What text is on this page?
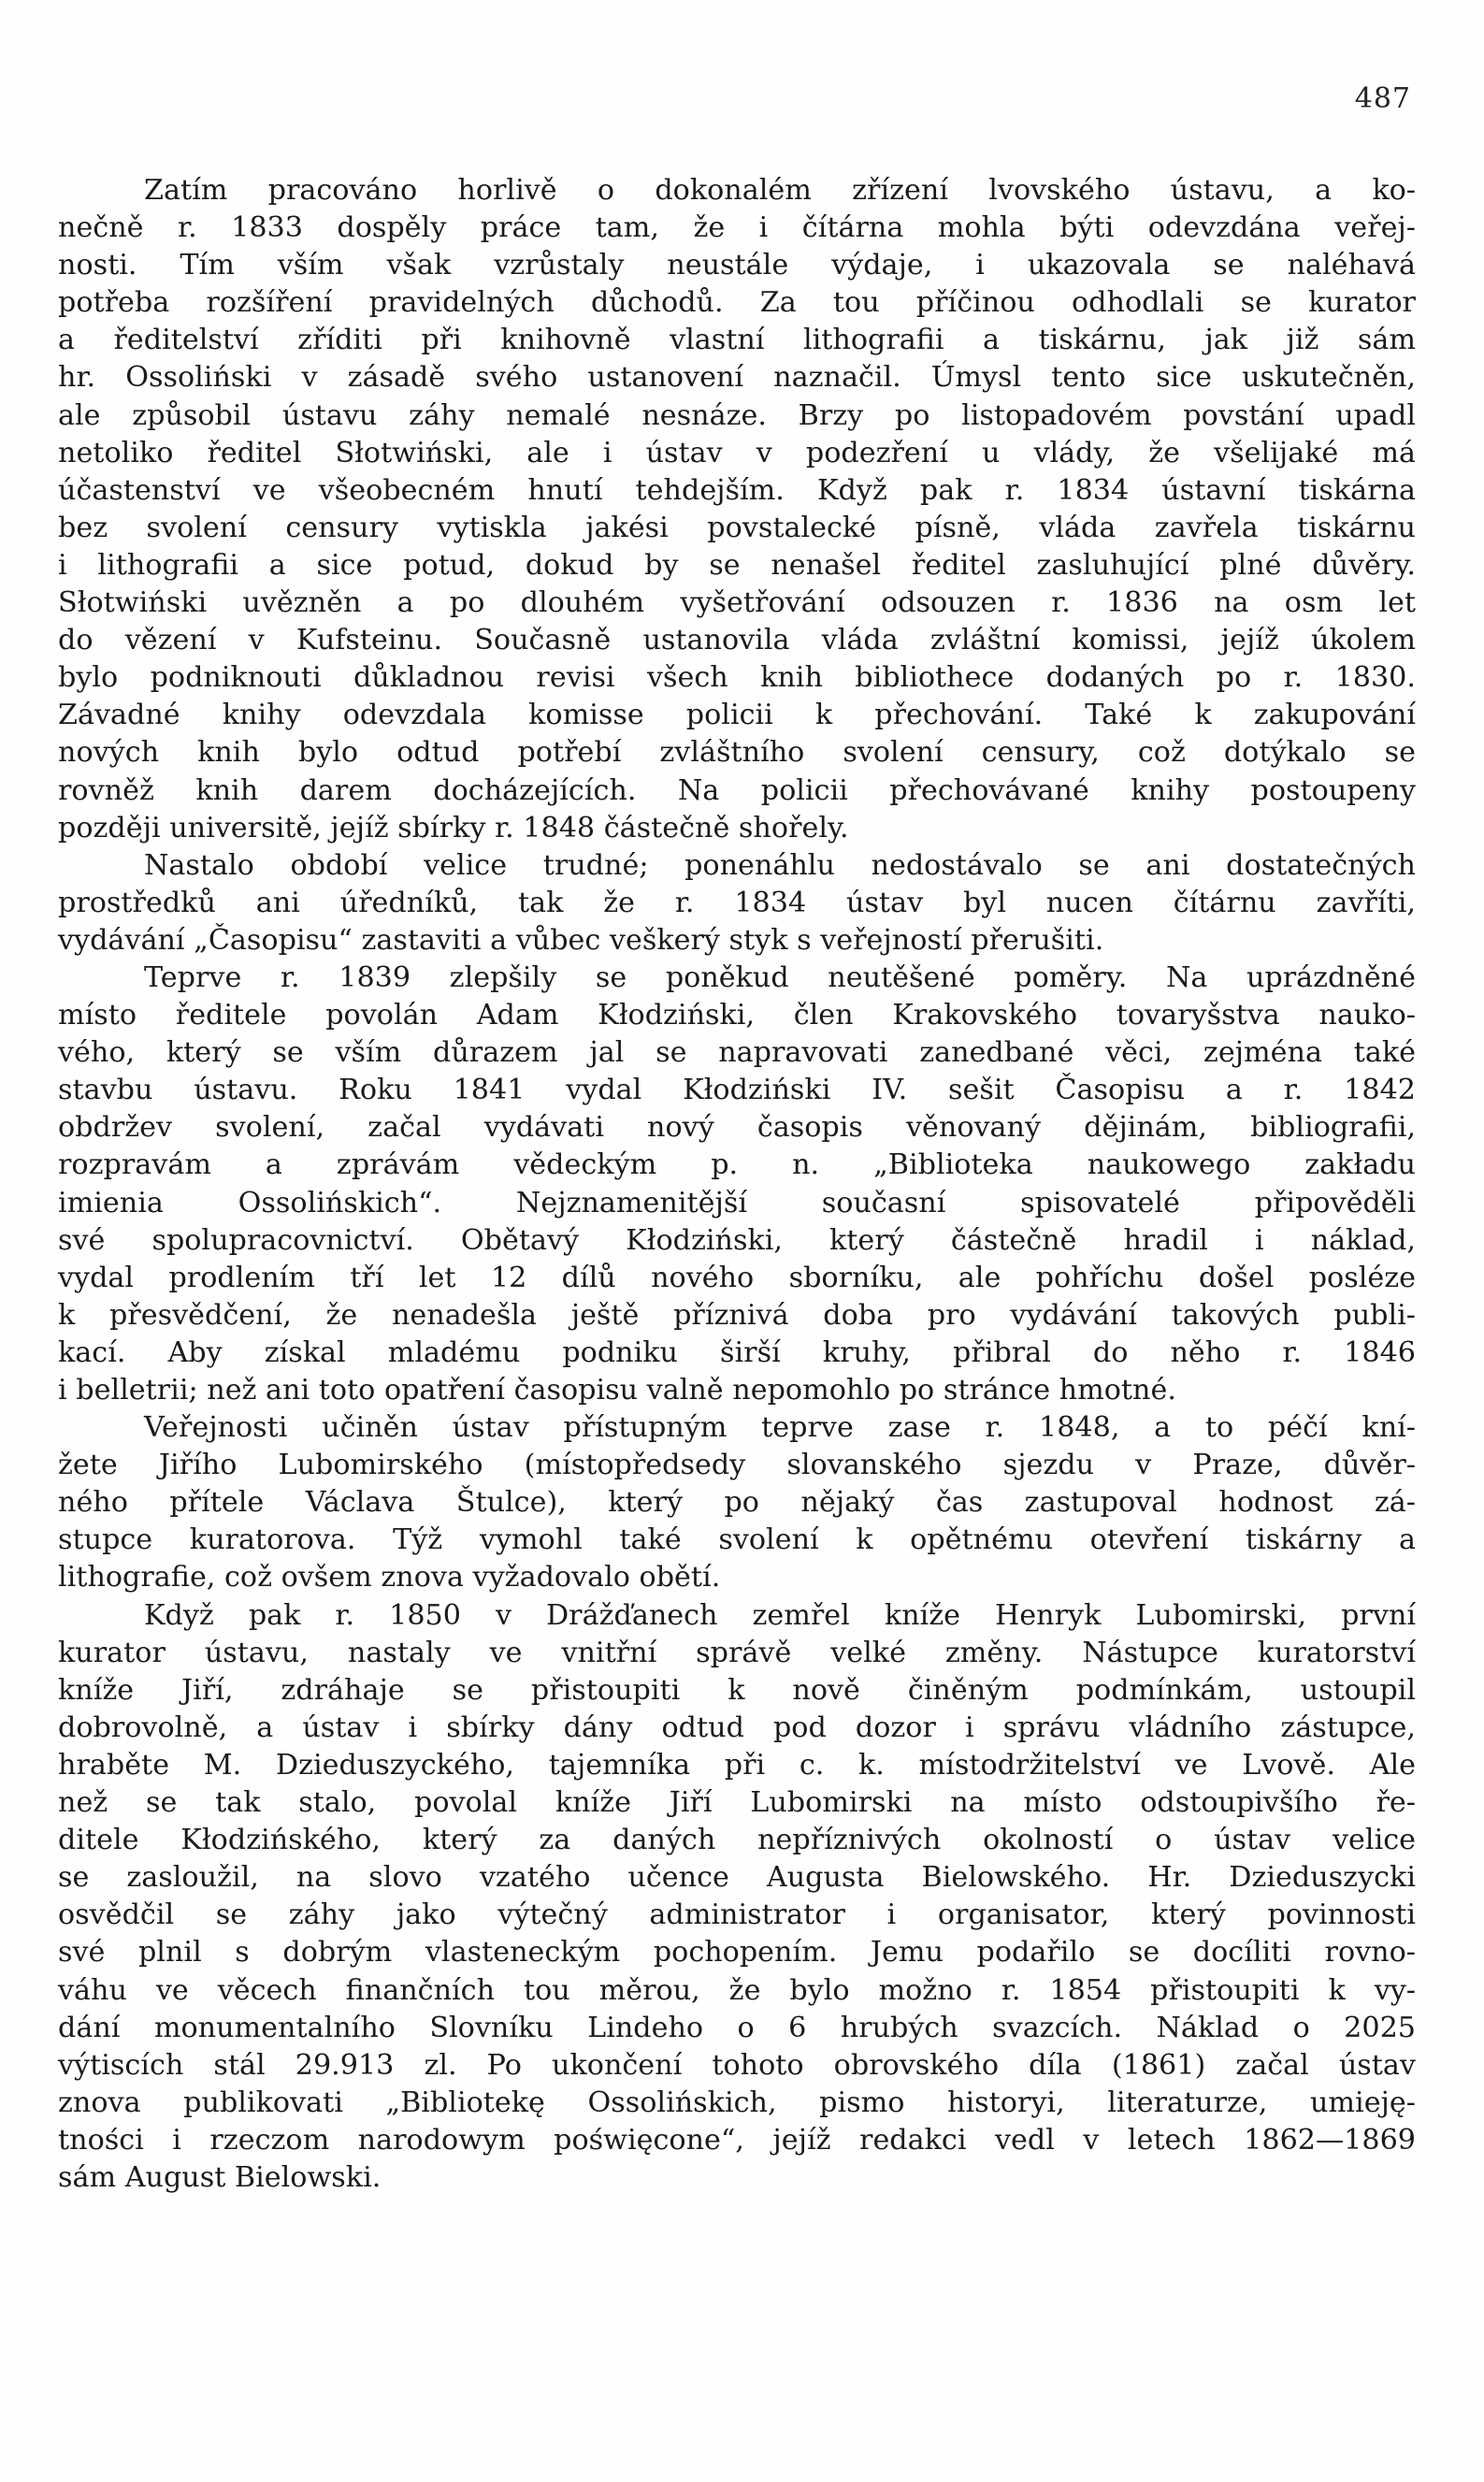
487
Zatím pracováno horlivě o dokonalém zřízení lvovského ústavu, a ko-
nečně r. 1833 dospěly práce tam, že i čítárna mohla býti odevzdána veřej-
nosti. Tím vším však vzrůstaly neustále výdaje, i ukazovala se naléhavá
potřeba rozšíření pravidelných důchodů. Za tou příčinou odhodlali se kurator
a ředitelství zříditi při knihovně vlastní lithografii a tiskárnu, jak již sám
hr. Ossoliński v zásadě svého ustanovení naznačil. Úmysl tento sice uskutečněn,
ale způsobil ústavu záhy nemalé nesnáze. Brzy po listopadovém povstání upadl
netoliko ředitel Słotwiński, ale i ústav v podezření u vlády, že všelijaké má
účastenství ve všeobecném hnutí tehdejším. Když pak r. 1834 ústavní tiskárna
bez svolení censury vytiskla jakési povstalecké písně, vláda zavřela tiskárnu
i lithografii a sice potud, dokud by se nenašel ředitel zasluhující plné důvěry.
Słotwiński uvězněn a po dlouhém vyšetřování odsouzen r. 1836 na osm let
do vězení v Kufsteinu. Současně ustanovila vláda zvláštní komissi, jejíž úkolem
bylo podniknouti důkladnou revisi všech knih bibliothece dodaných po r. 1830.
Závadné knihy odevzdala komisse policii k přechování. Také k zakupování
nových knih bylo odtud potřebí zvláštního svolení censury, což dotýkalo se
rovněž knih darem docházejících. Na policii přechovávané knihy postoupeny
později universitě, jejíž sbírky r. 1848 částečně shořely.
Nastalo období velice trudné; ponenáhlu nedostávalo se ani dostatečných
prostředků ani úředníků, tak že r. 1834 ústav byl nucen čítárnu zavříti,
vydávání „Časopisu“ zastaviti a vůbec veškerý styk s veřejností přerušiti.
Teprve r. 1839 zlepšily se poněkud neutěšené poměry. Na uprázdněné
místo ředitele povolán Adam Kłodziński, člen Krakovského tovaryšstva nauko-
vého, který se vším důrazem jal se napravovati zanedbané věci, zejména také
stavbu ústavu. Roku 1841 vydal Kłodziński IV. sešit Časopisu a r. 1842
obdržev svolení, začal vydávati nový časopis věnovaný dějinám, bibliografii,
rozpravám a zprávám vědeckým p. n. „Biblioteka naukowego zakładu
imienia Ossolińskich“. Nejznamenitější současní spisovatelé připověděli
své spolupracovnictví. Obětavý Kłodziński, který částečně hradil i náklad,
vydal prodlením tří let 12 dílů nového sborníku, ale pohříchu došel posléze
k přesvědčení, že nenadešla ještě příznivá doba pro vydávání takových publi-
kací. Aby získal mladému podniku širší kruhy, přibral do něho r. 1846
i belletrii; než ani toto opatření časopisu valně nepomohlo po stránce hmotné.
Veřejnosti učiněn ústav přístupným teprve zase r. 1848, a to péčí kní-
žete Jiřího Lubomirského (místopředsedy slovanského sjezdu v Praze, důvěr-
ného přítele Václava Štulce), který po nějaký čas zastupoval hodnost zá-
stupce kuratorova. Týž vymohl také svolení k opětnému otevření tiskárny a
lithografie, což ovšem znova vyžadovalo obětí.
Když pak r. 1850 v Drážďanech zemřel kníže Henryk Lubomirski, první
kurator ústavu, nastaly ve vnitřní správě velké změny. Nástupce kuratorství
kníže Jiří, zdráhaje se přistoupiti k nově činěným podmínkám, ustoupil
dobrovolně, a ústav i sbírky dány odtud pod dozor i správu vládního zástupce,
hraběte M. Dzieduszyckého, tajemníka při c. k. místodržitelství ve Lvově. Ale
než se tak stalo, povolal kníže Jiří Lubomirski na místo odstoupivšího ře-
ditele Kłodzińského, který za daných nepříznivých okolností o ústav velice
se zasloužil, na slovo vzatého učence Augusta Bielowského. Hr. Dzieduszycki
osvědčil se záhy jako výtečný administrator i organisator, který povinnosti
své plnil s dobrým vlasteneckým pochopením. Jemu podařilo se docíliti rovno-
váhu ve věcech finančních tou měrou, že bylo možno r. 1854 přistoupiti k vy-
dání monumentalního Slovníku Lindeho o 6 hrubých svazcích. Náklad o 2025
výtiscích stál 29.913 zl. Po ukončení tohoto obrovského díla (1861) začal ústav
znova publikovati „Bibliotekę Ossolińskich, pismo historyi, literaturze, umieję-
tności i rzeczom narodowym poświęcone“, jejíž redakci vedl v letech 1862—1869
sám August Bielowski.
